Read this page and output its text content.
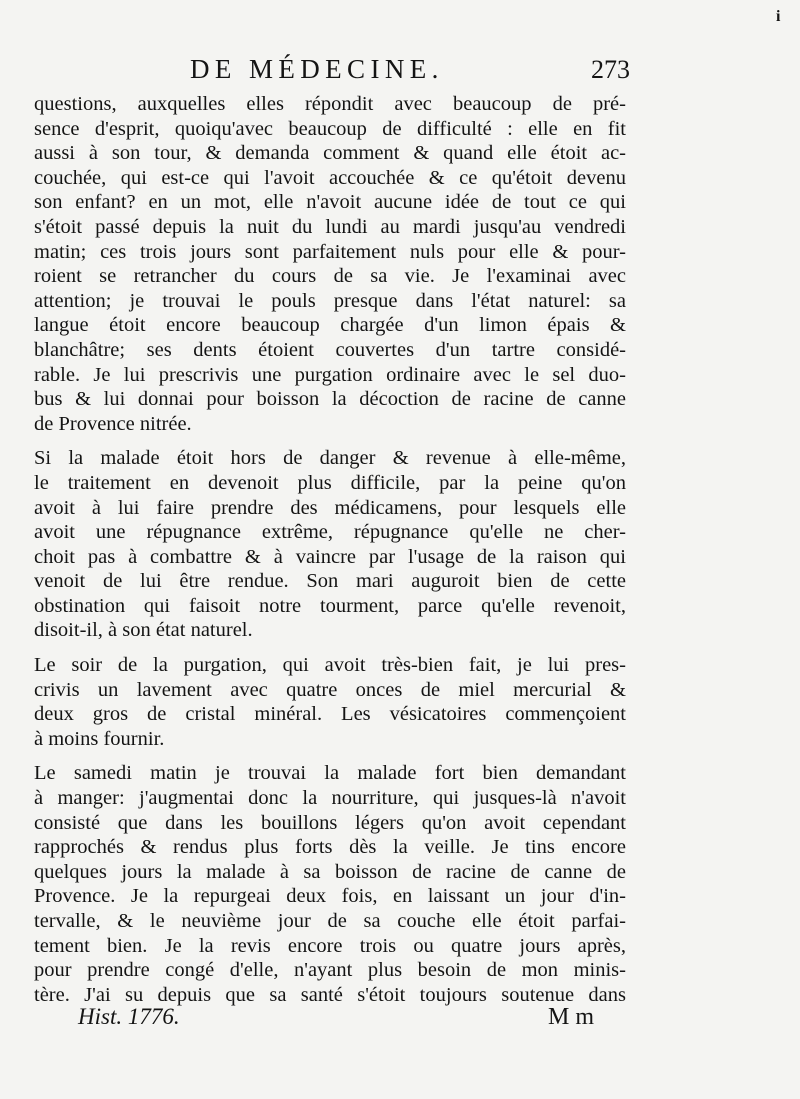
i
DE MÉDECINE.	273
questions, auxquelles elles répondit avec beaucoup de pré-
sence d'esprit, quoiqu'avec beaucoup de difficulté : elle en fit
aussi à son tour, & demanda comment & quand elle étoit ac-
couchée, qui est-ce qui l'avoit accouchée & ce qu'étoit devenu
son enfant? en un mot, elle n'avoit aucune idée de tout ce qui
s'étoit passé depuis la nuit du lundi au mardi jusqu'au vendredi
matin; ces trois jours sont parfaitement nuls pour elle & pour-
roient se retrancher du cours de sa vie. Je l'examinai avec
attention; je trouvai le pouls presque dans l'état naturel: sa
langue étoit encore beaucoup chargée d'un limon épais &
blanchâtre; ses dents étoient couvertes d'un tartre considé-
rable. Je lui prescrivis une purgation ordinaire avec le sel duo-
bus & lui donnai pour boisson la décoction de racine de canne
de Provence nitrée.
Si la malade étoit hors de danger & revenue à elle-même,
le traitement en devenoit plus difficile, par la peine qu'on
avoit à lui faire prendre des médicamens, pour lesquels elle
avoit une répugnance extrême, répugnance qu'elle ne cher-
choit pas à combattre & à vaincre par l'usage de la raison qui
venoit de lui être rendue. Son mari auguroit bien de cette
obstination qui faisoit notre tourment, parce qu'elle revenoit,
disoit-il, à son état naturel.
Le soir de la purgation, qui avoit très-bien fait, je lui pres-
crivis un lavement avec quatre onces de miel mercurial &
deux gros de cristal minéral. Les vésicatoires commençoient
à moins fournir.
Le samedi matin je trouvai la malade fort bien demandant
à manger: j'augmentai donc la nourriture, qui jusques-là n'avoit
consisté que dans les bouillons légers qu'on avoit cependant
rapprochés & rendus plus forts dès la veille. Je tins encore
quelques jours la malade à sa boisson de racine de canne de
Provence. Je la repurgeai deux fois, en laissant un jour d'in-
tervalle, & le neuvième jour de sa couche elle étoit parfai-
tement bien. Je la revis encore trois ou quatre jours après,
pour prendre congé d'elle, n'ayant plus besoin de mon minis-
tère. J'ai su depuis que sa santé s'étoit toujours soutenue dans
Hist. 1776.	M m
